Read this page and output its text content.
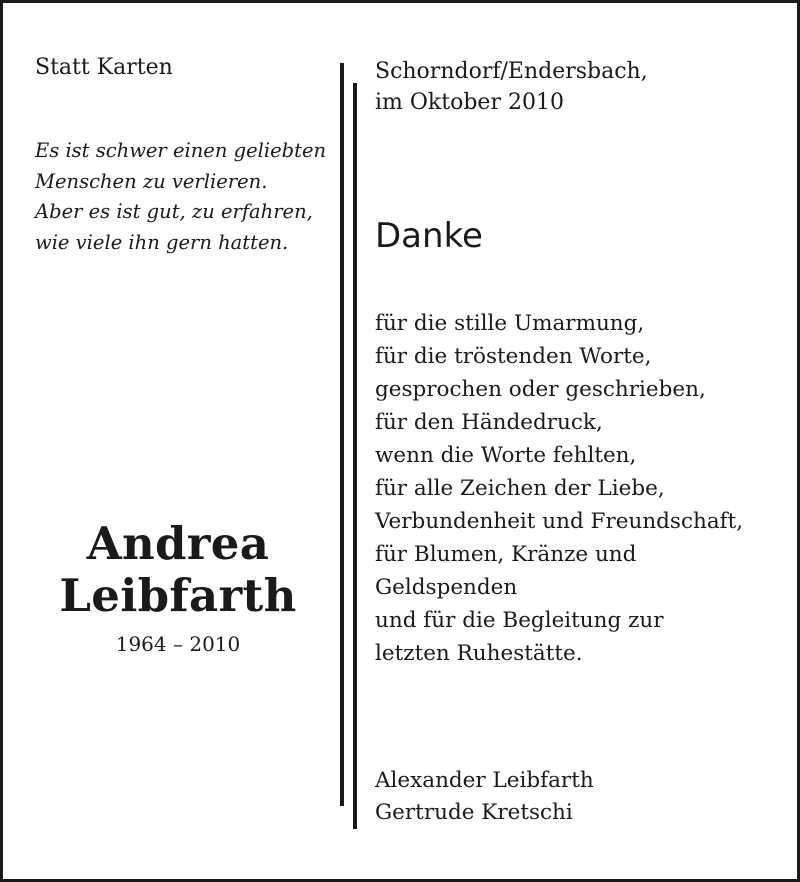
Statt Karten
Es ist schwer einen geliebten
Menschen zu verlieren.
Aber es ist gut, zu erfahren,
wie viele ihn gern hatten.
Andrea
Leibfarth
1964 – 2010
Schorndorf/Endersbach,
im Oktober 2010
Danke
für die stille Umarmung,
für die tröstenden Worte,
gesprochen oder geschrieben,
für den Händedruck,
wenn die Worte fehlten,
für alle Zeichen der Liebe,
Verbundenheit und Freundschaft,
für Blumen, Kränze und
Geldspenden
und für die Begleitung zur
letzten Ruhestätte.
Alexander Leibfarth
Gertrude Kretschi
